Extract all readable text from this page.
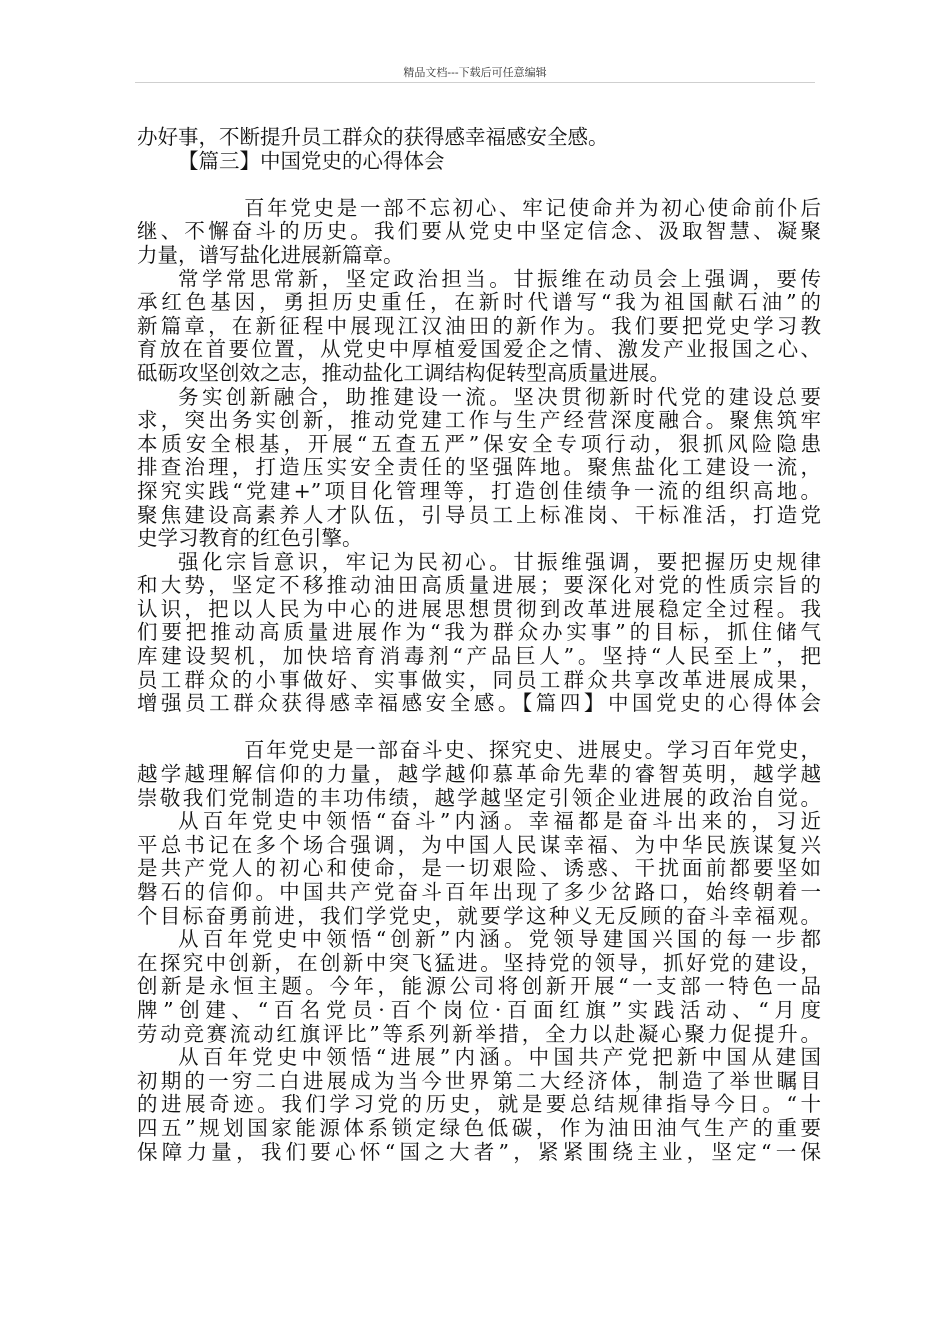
精品文档---下载后可任意编辑
办好事，不断提升员工群众的获得感幸福感安全感。
【篇三】中国党史的心得体会
百年党史是一部不忘初心、牢记使命并为初心使命前仆后
继、不懈奋斗的历史。我们要从党史中坚定信念、汲取智慧、凝聚
力量，谱写盐化进展新篇章。
常学常思常新，坚定政治担当。甘振维在动员会上强调，要传
承红色基因，勇担历史重任，在新时代谱写“我为祖国献石油”的
新篇章，在新征程中展现江汉油田的新作为。我们要把党史学习教
育放在首要位置，从党史中厚植爱国爱企之情、激发产业报国之心、
砥砺攻坚创效之志，推动盐化工调结构促转型高质量进展。
务实创新融合，助推建设一流。坚决贯彻新时代党的建设总要
求，突出务实创新，推动党建工作与生产经营深度融合。聚焦筑牢
本质安全根基，开展“五查五严”保安全专项行动，狠抓风险隐患
排查治理，打造压实安全责任的坚强阵地。聚焦盐化工建设一流，
探究实践“党建+”项目化管理等，打造创佳绩争一流的组织高地。
聚焦建设高素养人才队伍，引导员工上标准岗、干标准活，打造党
史学习教育的红色引擎。
强化宗旨意识，牢记为民初心。甘振维强调，要把握历史规律
和大势，坚定不移推动油田高质量进展；要深化对党的性质宗旨的
认识，把以人民为中心的进展思想贯彻到改革进展稳定全过程。我
们要把推动高质量进展作为“我为群众办实事”的目标，抓住储气
库建设契机，加快培育消毒剂“产品巨人”。坚持“人民至上”，把
员工群众的小事做好、实事做实，同员工群众共享改革进展成果，
增强员工群众获得感幸福感安全感。【篇四】中国党史的心得体会
百年党史是一部奋斗史、探究史、进展史。学习百年党史，
越学越理解信仰的力量，越学越仰慕革命先辈的睿智英明，越学越
崇敬我们党制造的丰功伟绩，越学越坚定引领企业进展的政治自觉。
从百年党史中领悟“奋斗”内涵。幸福都是奋斗出来的，习近
平总书记在多个场合强调，为中国人民谋幸福、为中华民族谋复兴
是共产党人的初心和使命，是一切艰险、诱惑、干扰面前都要坚如
磐石的信仰。中国共产党奋斗百年出现了多少岔路口，始终朝着一
个目标奋勇前进，我们学党史，就要学这种义无反顾的奋斗幸福观。
从百年党史中领悟“创新”内涵。党领导建国兴国的每一步都
在探究中创新，在创新中突飞猛进。坚持党的领导，抓好党的建设，
创新是永恒主题。今年，能源公司将创新开展“一支部一特色一品
牌”创建、“百名党员·百个岗位·百面红旗”实践活动、“月度
劳动竞赛流动红旗评比”等系列新举措，全力以赴凝心聚力促提升。
从百年党史中领悟“进展”内涵。中国共产党把新中国从建国
初期的一穷二白进展成为当今世界第二大经济体，制造了举世瞩目
的进展奇迹。我们学习党的历史，就是要总结规律指导今日。“十
四五”规划国家能源体系锁定绿色低碳，作为油田油气生产的重要
保障力量，我们要心怀“国之大者”，紧紧围绕主业，坚定“一保
